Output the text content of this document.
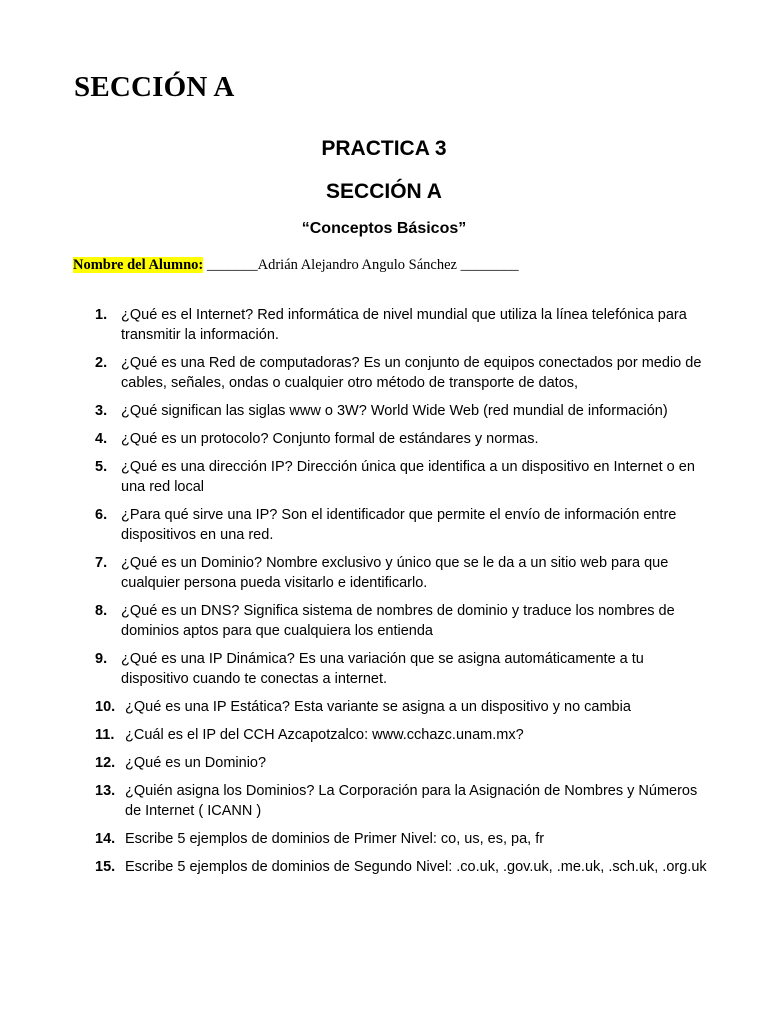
SECCIÓN A
PRACTICA 3
SECCIÓN A
“Conceptos Básicos”
Nombre del Alumno: _______Adrián Alejandro Angulo Sánchez ________
1. ¿Qué es el Internet? Red informática de nivel mundial que utiliza la línea telefónica para transmitir la información.
2. ¿Qué es una Red de computadoras? Es un conjunto de equipos conectados por medio de cables, señales, ondas o cualquier otro método de transporte de datos,
3. ¿Qué significan las siglas www o 3W? World Wide Web (red mundial de información)
4. ¿Qué es un protocolo? Conjunto formal de estándares y normas.
5. ¿Qué es una dirección IP? Dirección única que identifica a un dispositivo en Internet o en una red local
6. ¿Para qué sirve una IP? Son el identificador que permite el envío de información entre dispositivos en una red.
7. ¿Qué es un Dominio? Nombre exclusivo y único que se le da a un sitio web para que cualquier persona pueda visitarlo e identificarlo.
8. ¿Qué es un DNS? Significa sistema de nombres de dominio y traduce los nombres de dominios aptos para que cualquiera los entienda
9. ¿Qué es una IP Dinámica? Es una variación que se asigna automáticamente a tu dispositivo cuando te conectas a internet.
10. ¿Qué es una IP Estática? Esta variante se asigna a un dispositivo y no cambia
11. ¿Cuál es el IP del CCH Azcapotzalco: www.cchazc.unam.mx?
12. ¿Qué es un Dominio?
13. ¿Quién asigna los Dominios? La Corporación para la Asignación de Nombres y Números de Internet ( ICANN )
14. Escribe 5 ejemplos de dominios de Primer Nivel: co, us, es, pa, fr
15. Escribe 5 ejemplos de dominios de Segundo Nivel: .co.uk, .gov.uk, .me.uk, .sch.uk, .org.uk
